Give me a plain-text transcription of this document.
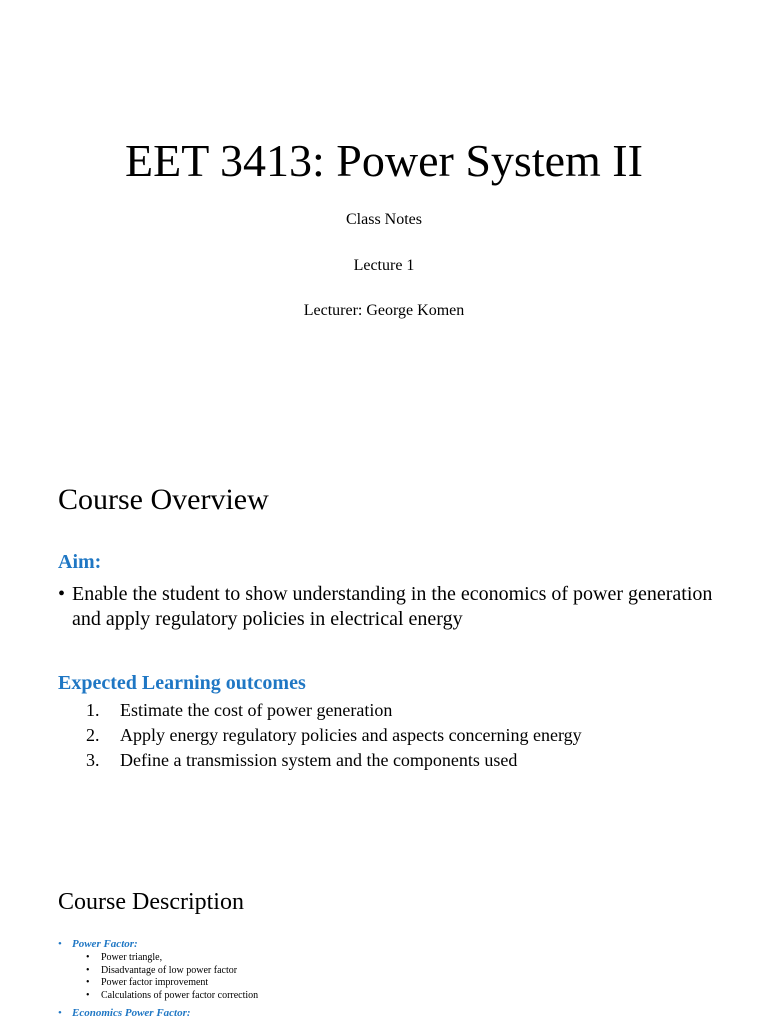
EET 3413: Power System II
Class Notes
Lecture 1
Lecturer: George Komen
Course Overview
Aim:
• Enable the student to show understanding in the economics of power generation and apply regulatory policies in electrical energy
Expected Learning outcomes
1. Estimate the cost of power generation
2. Apply energy regulatory policies and aspects concerning energy
3. Define a transmission system and the components used
Course Description
• Power Factor:
• Power triangle,
• Disadvantage of low power factor
• Power factor improvement
• Calculations of power factor correction
• Economics Power Factor:
